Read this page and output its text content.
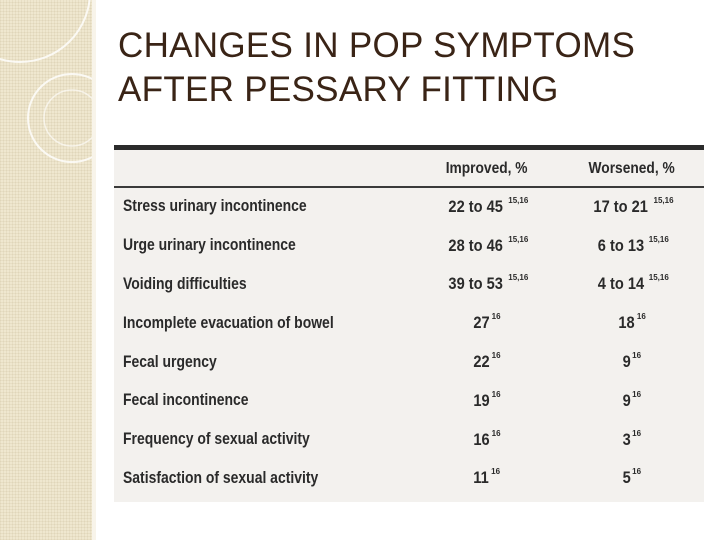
CHANGES IN POP SYMPTOMS
AFTER PESSARY FITTING
	Improved, %	Worsened, %
Stress urinary incontinence	22 to 45 $^{15,16}$	17 to 21 $^{15,16}$
Urge urinary incontinence	28 to 46 $^{15,16}$	6 to 13 $^{15,16}$
Voiding difficulties	39 to 53 $^{15,16}$	4 to 14 $^{15,16}$
Incomplete evacuation of bowel	27 $^{16}$	18 $^{16}$
Fecal urgency	22 $^{16}$	9 $^{16}$
Fecal incontinence	19 $^{16}$	9 $^{16}$
Frequency of sexual activity	16 $^{16}$	3 $^{16}$
Satisfaction of sexual activity	11 $^{16}$	5 $^{16}$
